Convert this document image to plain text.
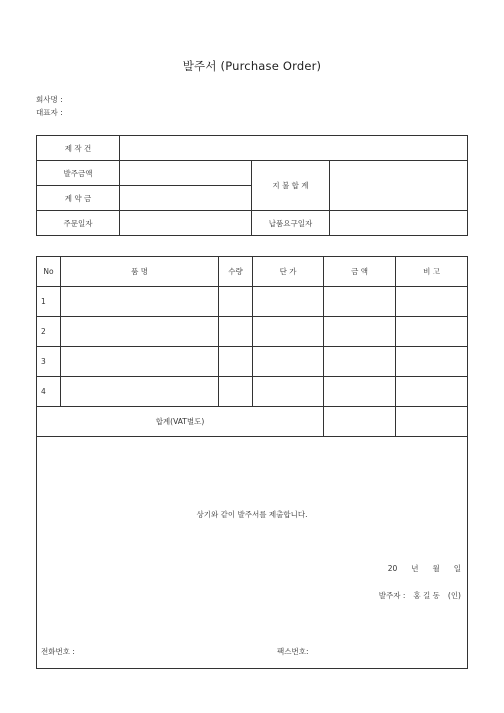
발주서 (Purchase Order)
회사명 :
대표자 :
제 작 건			
발주금액		지 불 합 계	
계 약 금			
주문일자		납품요구일자	
No	품 명	수량	단 가	금 액	비 고
1					
2					
3					
4					
합계(VAT별도)					

상기와 같이 발주서를 제출합니다.
20 년 월 일
발주자 : 홍 길 동 (인)
전화번호 : 팩스번호:					
